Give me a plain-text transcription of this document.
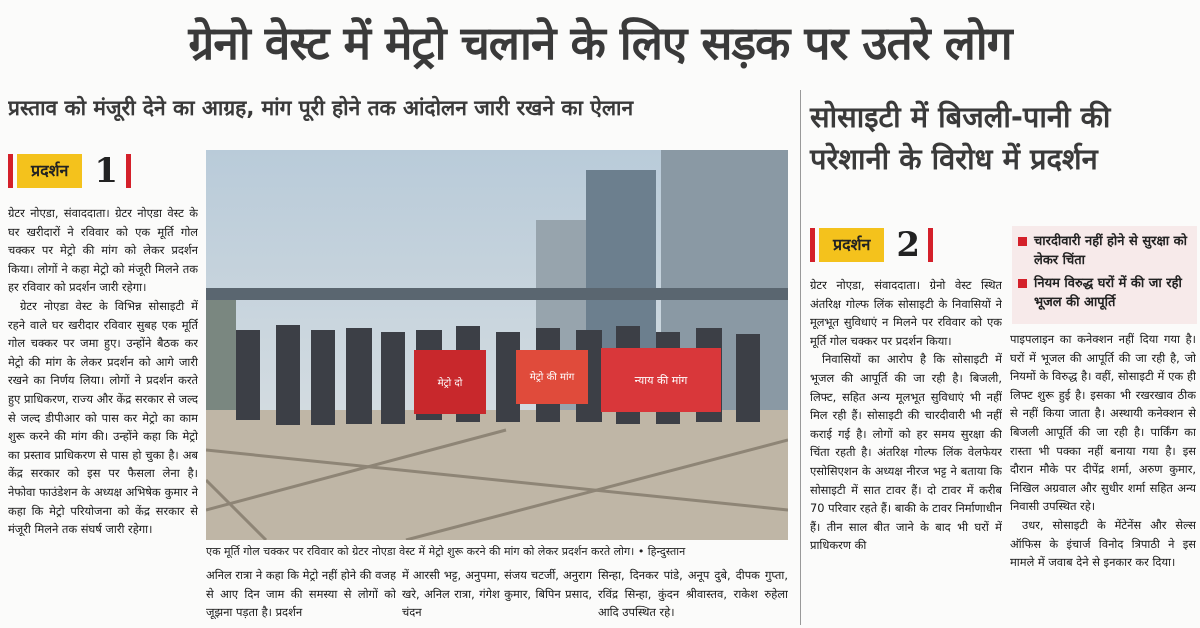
ग्रेनो वेस्ट में मेट्रो चलाने के लिए सड़क पर उतरे लोग
प्रस्ताव को मंजूरी देने का आग्रह, मांग पूरी होने तक आंदोलन जारी रखने का ऐलान	सोसाइटी में बिजली-पानी की परेशानी के विरोध में प्रदर्शन
प्रदर्शन 1

ग्रेटर नोएडा, संवाददाता। ग्रेटर नोएडा वेस्ट के घर खरीदारों ने रविवार को एक मूर्ति गोल चक्कर पर मेट्रो की मांग को लेकर प्रदर्शन किया। लोगों ने कहा मेट्रो को मंजूरी मिलने तक हर रविवार को प्रदर्शन जारी रहेगा।

ग्रेटर नोएडा वेस्ट के विभिन्न सोसाइटी में रहने वाले घर खरीदार रविवार सुबह एक मूर्ति गोल चक्कर पर जमा हुए। उन्होंने बैठक कर मेट्रो की मांग के लेकर प्रदर्शन को आगे जारी रखने का निर्णय लिया। लोगों ने प्रदर्शन करते हुए प्राधिकरण, राज्य और केंद्र सरकार से जल्द से जल्द डीपीआर को पास कर मेट्रो का काम शुरू करने की मांग की। उन्होंने कहा कि मेट्रो का प्रस्ताव प्राधिकरण से पास हो चुका है। अब केंद्र सरकार को इस पर फैसला लेना है। नेफोवा फाउंडेशन के अध्यक्ष अभिषेक कुमार ने कहा कि मेट्रो परियोजना को केंद्र सरकार से मंजूरी मिलने तक संघर्ष जारी रहेगा।

मेट्रो दो
मेट्रो की मांग	न्याय की मांग
एक मूर्ति गोल चक्कर पर रविवार को ग्रेटर नोएडा वेस्ट में मेट्रो शुरू करने की मांग को लेकर प्रदर्शन करते लोग। • हिन्दुस्तान

अनिल रात्रा ने कहा कि मेट्रो नहीं होने की वजह से आए दिन जाम की समस्या से लोगों को जूझना पड़ता है। प्रदर्शन

में आरसी भट्ट, अनुपमा, संजय चटर्जी, अनुराग खरे, अनिल रात्रा, गंगेश कुमार, बिपिन प्रसाद, चंदन

सिन्हा, दिनकर पांडे, अनूप दुबे, दीपक गुप्ता, रविंद्र सिन्हा, कुंदन श्रीवास्तव, राकेश रुहेला आदि उपस्थित रहे।

प्रदर्शन 2	चारदीवारी नहीं होने से सुरक्षा को लेकर चिंता
नियम विरुद्ध घरों में की जा रही भूजल की आपूर्ति

ग्रेटर नोएडा, संवाददाता। ग्रेनो वेस्ट स्थित अंतरिक्ष गोल्फ लिंक सोसाइटी के निवासियों ने मूलभूत सुविधाएं न मिलने पर रविवार को एक मूर्ति गोल चक्कर पर प्रदर्शन किया।

निवासियों का आरोप है कि सोसाइटी में भूजल की आपूर्ति की जा रही है। बिजली, लिफ्ट, सहित अन्य मूलभूत सुविधाएं भी नहीं मिल रही हैं। सोसाइटी की चारदीवारी भी नहीं कराई गई है। लोगों को हर समय सुरक्षा की चिंता रहती है। अंतरिक्ष गोल्फ लिंक वेलफेयर एसोसिएशन के अध्यक्ष नीरज भट्ट ने बताया कि सोसाइटी में सात टावर हैं। दो टावर में करीब 70 परिवार रहते हैं। बाकी के टावर निर्माणाधीन हैं। तीन साल बीत जाने के बाद भी घरों में प्राधिकरण की

पाइपलाइन का कनेक्शन नहीं दिया गया है। घरों में भूजल की आपूर्ति की जा रही है, जो नियमों के विरुद्ध है। वहीं, सोसाइटी में एक ही लिफ्ट शुरू हुई है। इसका भी रखरखाव ठीक से नहीं किया जाता है। अस्थायी कनेक्शन से बिजली आपूर्ति की जा रही है। पार्किंग का रास्ता भी पक्का नहीं बनाया गया है। इस दौरान मौके पर दीपेंद्र शर्मा, अरुण कुमार, निखिल अग्रवाल और सुधीर शर्मा सहित अन्य निवासी उपस्थित रहे।

उधर, सोसाइटी के मेंटेनेंस और सेल्स ऑफिस के इंचार्ज विनोद त्रिपाठी ने इस मामले में जवाब देने से इनकार कर दिया।
